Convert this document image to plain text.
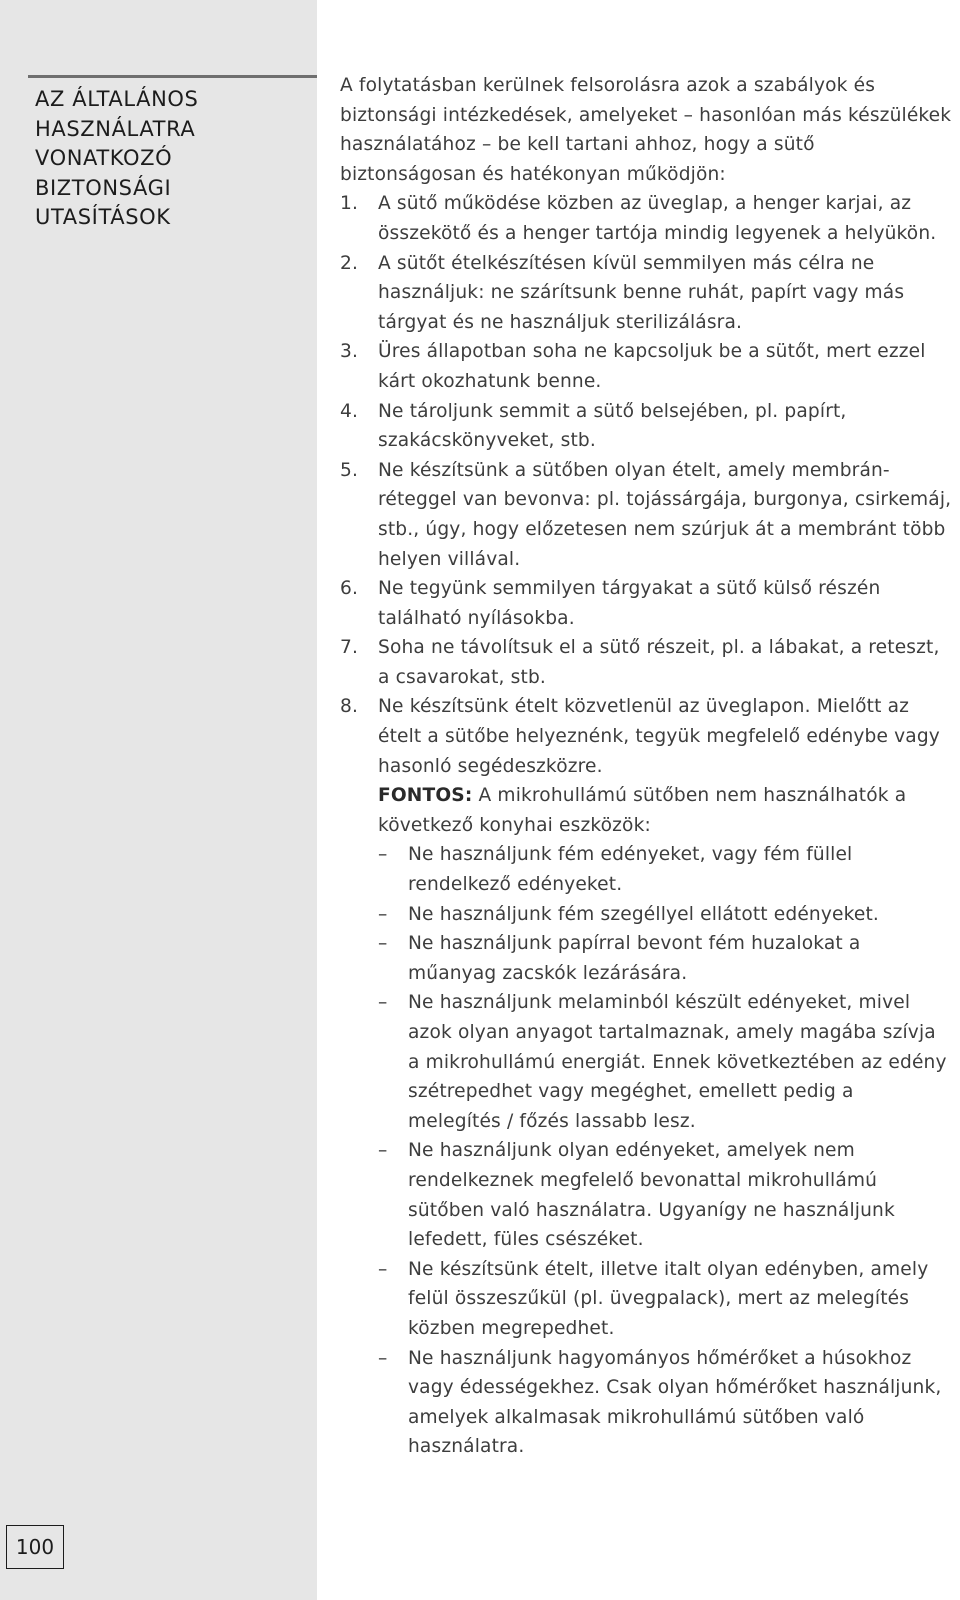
AZ ÁLTALÁNOS
HASZNÁLATRA
VONATKOZÓ
BIZTONSÁGI
UTASÍTÁSOK
100

A folytatásban kerülnek felsorolásra azok a szabályok és biztonsági intézkedések, amelyeket – hasonlóan más készülékek használatához – be kell tartani ahhoz, hogy a sütő biztonságosan és hatékonyan működjön:

1.	A sütő működése közben az üveglap, a henger karjai, az összekötő és a henger tartója mindig legyenek a helyükön.
2.	A sütőt ételkészítésen kívül semmilyen más célra ne használjuk: ne szárítsunk benne ruhát, papírt vagy más tárgyat és ne használjuk sterilizálásra.
3.	Üres állapotban soha ne kapcsoljuk be a sütőt, mert ezzel kárt okozhatunk benne.
4.	Ne tároljunk semmit a sütő belsejében, pl. papírt, szakácskönyveket, stb.
5.	Ne készítsünk a sütőben olyan ételt, amely membránréteggel van bevonva: pl. tojássárgája, burgonya, csirkemáj, stb., úgy, hogy előzetesen nem szúrjuk át a membránt több helyen villával.
6.	Ne tegyünk semmilyen tárgyakat a sütő külső részén található nyílásokba.
7.	Soha ne távolítsuk el a sütő részeit, pl. a lábakat, a reteszt, a csavarokat, stb.
8.	Ne készítsünk ételt közvetlenül az üveglapon. Mielőtt az ételt a sütőbe helyeznénk, tegyük megfelelő edénybe vagy hasonló segédeszközre.

FONTOS: A mikrohullámú sütőben nem használhatók a következő konyhai eszközök:

–	Ne használjunk fém edényeket, vagy fém füllel rendelkező edényeket.
–	Ne használjunk fém szegéllyel ellátott edényeket.
–	Ne használjunk papírral bevont fém huzalokat a műanyag zacskók lezárására.
–	Ne használjunk melaminból készült edényeket, mivel azok olyan anyagot tartalmaznak, amely magába szívja a mikrohullámú energiát. Ennek következtében az edény szétrepedhet vagy megéghet, emellett pedig a melegítés / főzés lassabb lesz.
–	Ne használjunk olyan edényeket, amelyek nem rendelkeznek megfelelő bevonattal mikrohullámú sütőben való használatra. Ugyanígy ne használjunk lefedett, füles csészéket.
–	Ne készítsünk ételt, illetve italt olyan edényben, amely felül összeszűkül (pl. üvegpalack), mert az melegítés közben megrepedhet.
–	Ne használjunk hagyományos hőmérőket a húsokhoz vagy édességekhez. Csak olyan hőmérőket használjunk, amelyek alkalmasak mikrohullámú sütőben való használatra.
